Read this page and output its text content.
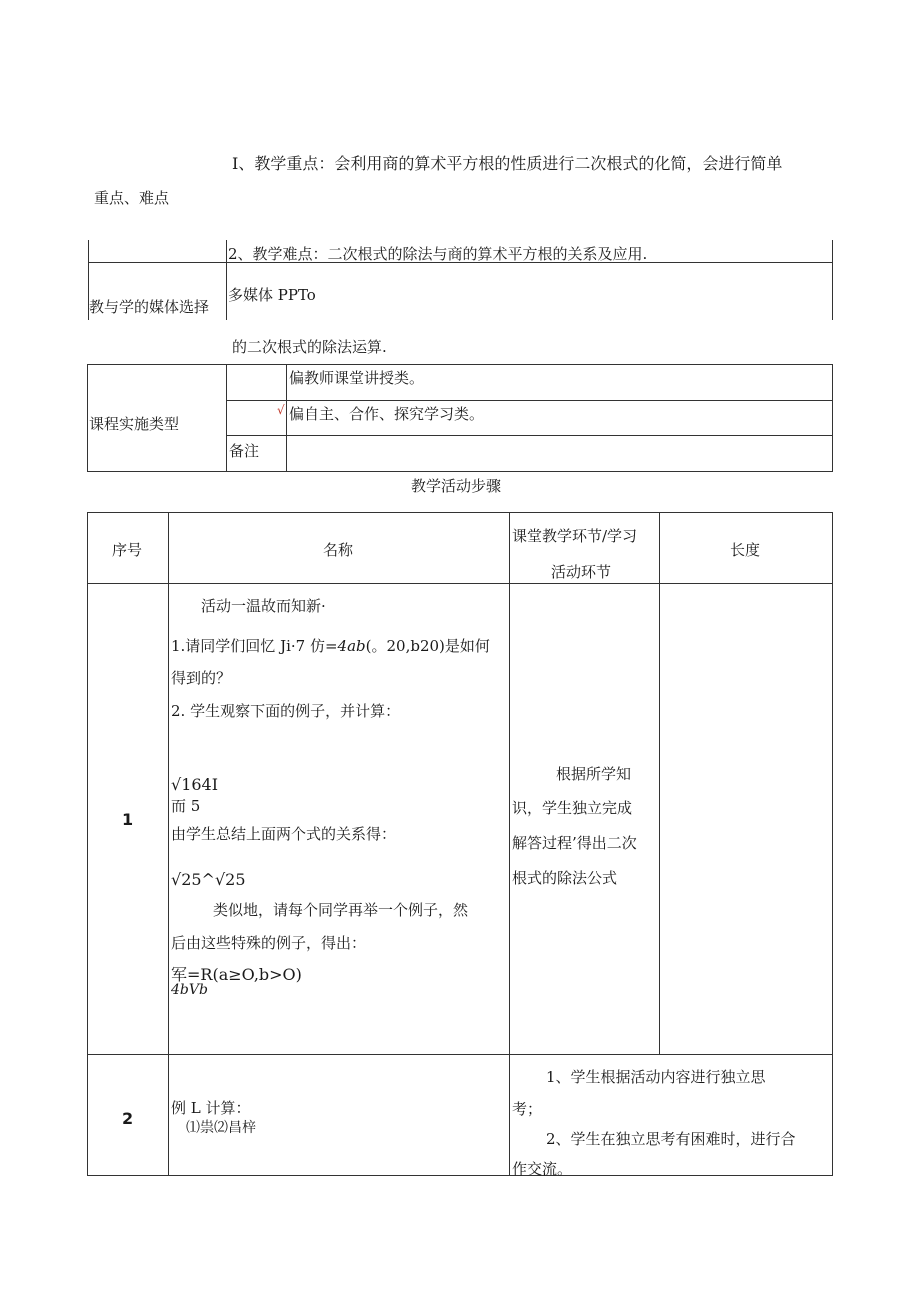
I、教学重点：会利用商的算术平方根的性质进行二次根式的化简，会进行简单
重点、难点
2、教学难点：二次根式的除法与商的算术平方根的关系及应用.
教与学的媒体选择
多媒体 PPTo
的二次根式的除法运算.
课程实施类型
偏教师课堂讲授类。
√ 偏自主、合作、探究学习类。
备注
教学活动步骤
序号	名称
课堂教学环节/学习
活动环节
长度
1
活动一温故而知新·
1.请同学们回忆 Ji·7 仿=4ab(。20,b20)是如何
得到的？
2. 学生观察下面的例子，并计算：
√164I
而 5
由学生总结上面两个式的关系得：
√25^√25
类似地，请每个同学再举一个例子，然
后由这些特殊的例子，得出：
军=R(a≥O,b>O)
4bVb
根据所学知
识，学生独立完成
解答过程’得出二次
根式的除法公式
2
例 L 计算：
⑴祟⑵昌梓
1、学生根据活动内容进行独立思
考；
2、学生在独立思考有困难时，进行合
作交流。
